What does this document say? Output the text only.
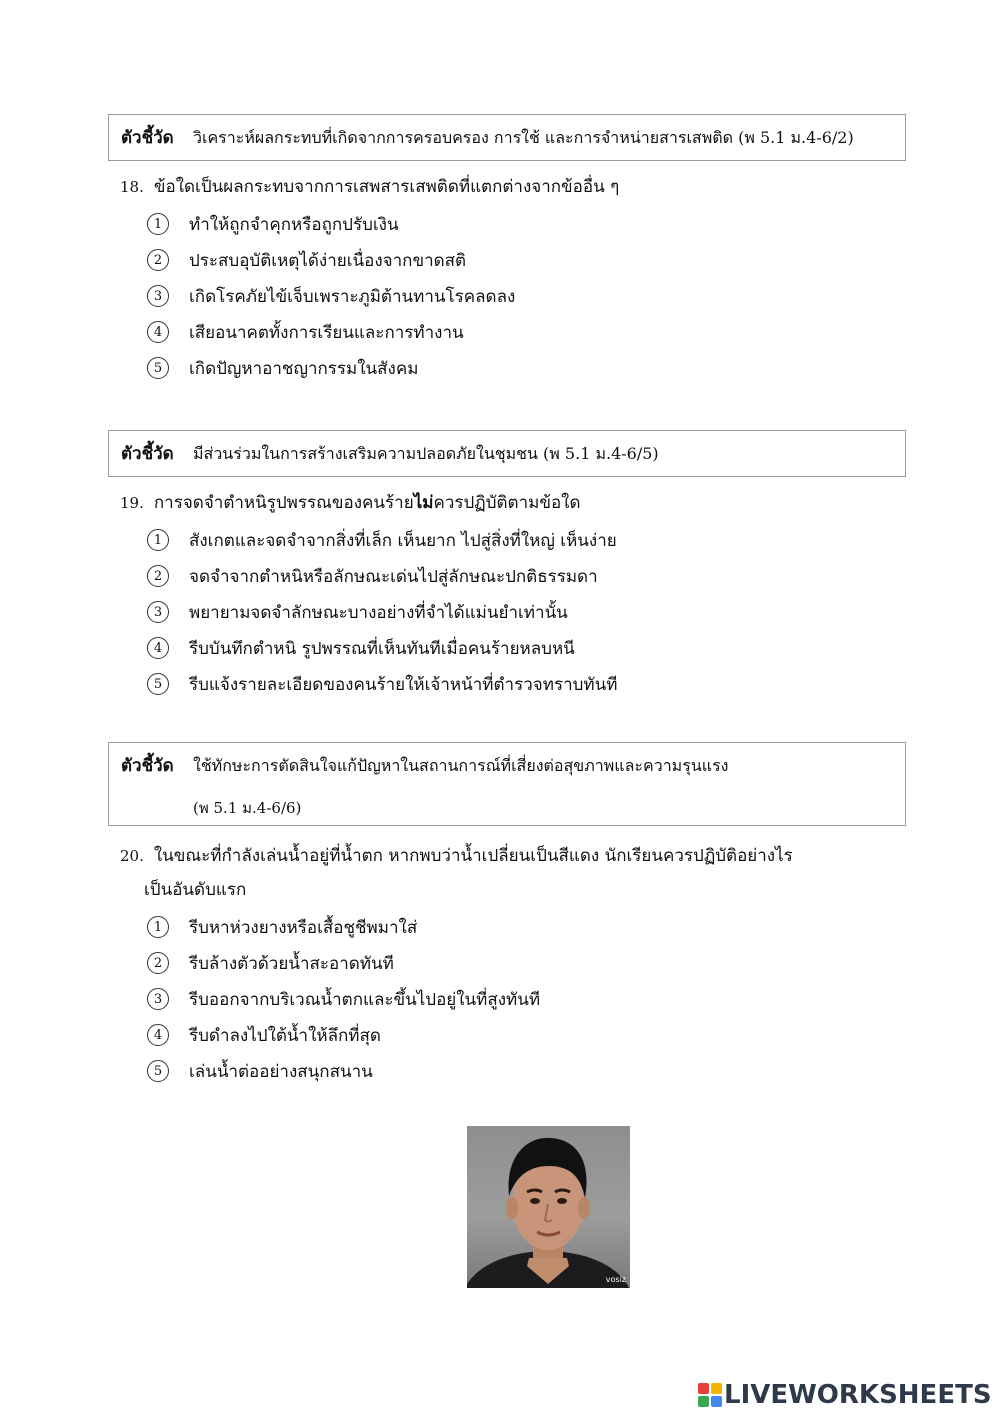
ตัวชี้วัด วิเคราะห์ผลกระทบที่เกิดจากการครอบครอง การใช้ และการจำหน่ายสารเสพติด (พ 5.1 ม.4-6/2)
18. ข้อใดเป็นผลกระทบจากการเสพสารเสพติดที่แตกต่างจากข้ออื่น ๆ
1	ทำให้ถูกจำคุกหรือถูกปรับเงิน
2	ประสบอุบัติเหตุได้ง่ายเนื่องจากขาดสติ
3	เกิดโรคภัยไข้เจ็บเพราะภูมิต้านทานโรคลดลง
4	เสียอนาคตทั้งการเรียนและการทำงาน
5	เกิดปัญหาอาชญากรรมในสังคม
ตัวชี้วัด มีส่วนร่วมในการสร้างเสริมความปลอดภัยในชุมชน (พ 5.1 ม.4-6/5)
19. การจดจำตำหนิรูปพรรณของคนร้ายไม่ควรปฏิบัติตามข้อใด
1	สังเกตและจดจำจากสิ่งที่เล็ก เห็นยาก ไปสู่สิ่งที่ใหญ่ เห็นง่าย
2	จดจำจากตำหนิหรือลักษณะเด่นไปสู่ลักษณะปกติธรรมดา
3	พยายามจดจำลักษณะบางอย่างที่จำได้แม่นยำเท่านั้น
4	รีบบันทึกตำหนิ รูปพรรณที่เห็นทันทีเมื่อคนร้ายหลบหนี
5	รีบแจ้งรายละเอียดของคนร้ายให้เจ้าหน้าที่ตำรวจทราบทันที
ตัวชี้วัด ใช้ทักษะการตัดสินใจแก้ปัญหาในสถานการณ์ที่เสี่ยงต่อสุขภาพและความรุนแรง
(พ 5.1 ม.4-6/6)
20. ในขณะที่กำลังเล่นน้ำอยู่ที่น้ำตก หากพบว่าน้ำเปลี่ยนเป็นสีแดง นักเรียนควรปฏิบัติอย่างไร
เป็นอันดับแรก
1	รีบหาห่วงยางหรือเสื้อชูชีพมาใส่
2	รีบล้างตัวด้วยน้ำสะอาดทันที
3	รีบออกจากบริเวณน้ำตกและขึ้นไปอยู่ในที่สูงทันที
4	รีบดำลงไปใต้น้ำให้ลึกที่สุด
5	เล่นน้ำต่ออย่างสนุกสนาน
vosiz
LIVEWORKSHEETS
